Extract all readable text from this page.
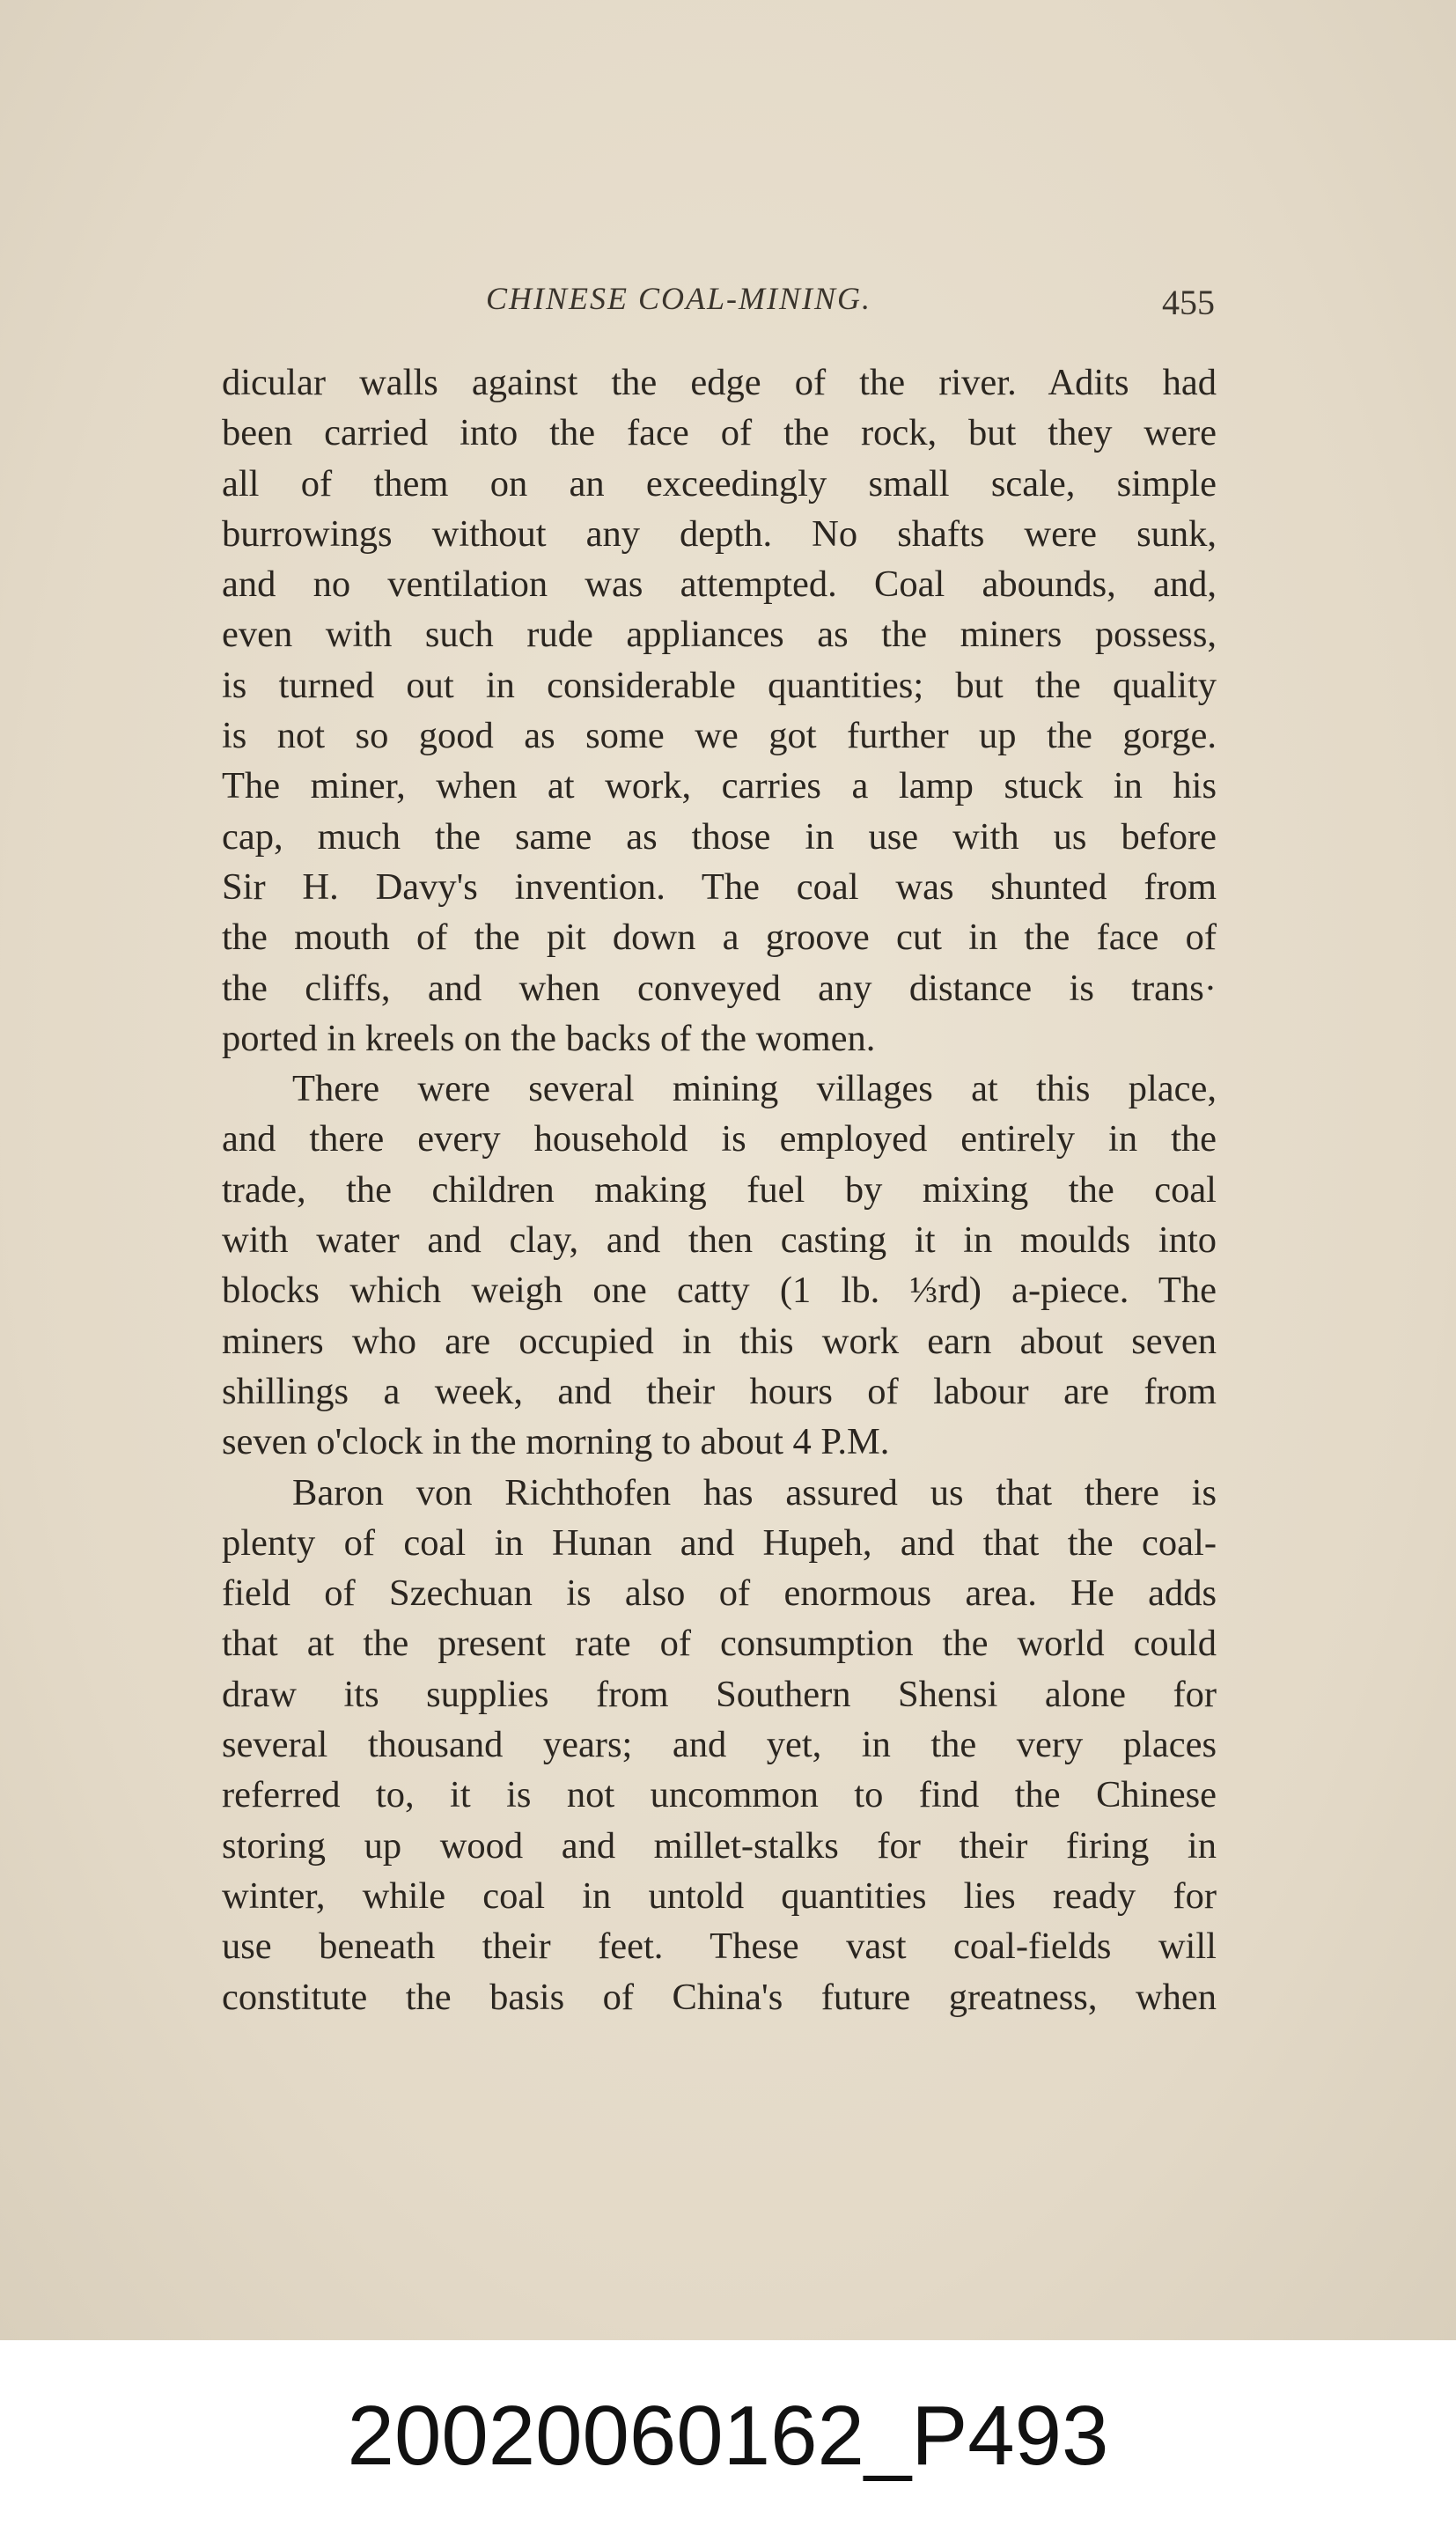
CHINESE COAL-MINING.	455
dicular walls against the edge of the river. Adits had
been carried into the face of the rock, but they were
all of them on an exceedingly small scale, simple
burrowings without any depth. No shafts were sunk,
and no ventilation was attempted. Coal abounds, and,
even with such rude appliances as the miners possess,
is turned out in considerable quantities; but the quality
is not so good as some we got further up the gorge.
The miner, when at work, carries a lamp stuck in his
cap, much the same as those in use with us before
Sir H. Davy's invention. The coal was shunted from
the mouth of the pit down a groove cut in the face of
the cliffs, and when conveyed any distance is trans·
ported in kreels on the backs of the women.
There were several mining villages at this place,
and there every household is employed entirely in the
trade, the children making fuel by mixing the coal
with water and clay, and then casting it in moulds into
blocks which weigh one catty (1 lb. ⅓rd) a-piece. The
miners who are occupied in this work earn about seven
shillings a week, and their hours of labour are from
seven o'clock in the morning to about 4 P.M.
Baron von Richthofen has assured us that there is
plenty of coal in Hunan and Hupeh, and that the coal-
field of Szechuan is also of enormous area. He adds
that at the present rate of consumption the world could
draw its supplies from Southern Shensi alone for
several thousand years; and yet, in the very places
referred to, it is not uncommon to find the Chinese
storing up wood and millet-stalks for their firing in
winter, while coal in untold quantities lies ready for
use beneath their feet. These vast coal-fields will
constitute the basis of China's future greatness, when
20020060162_P493
